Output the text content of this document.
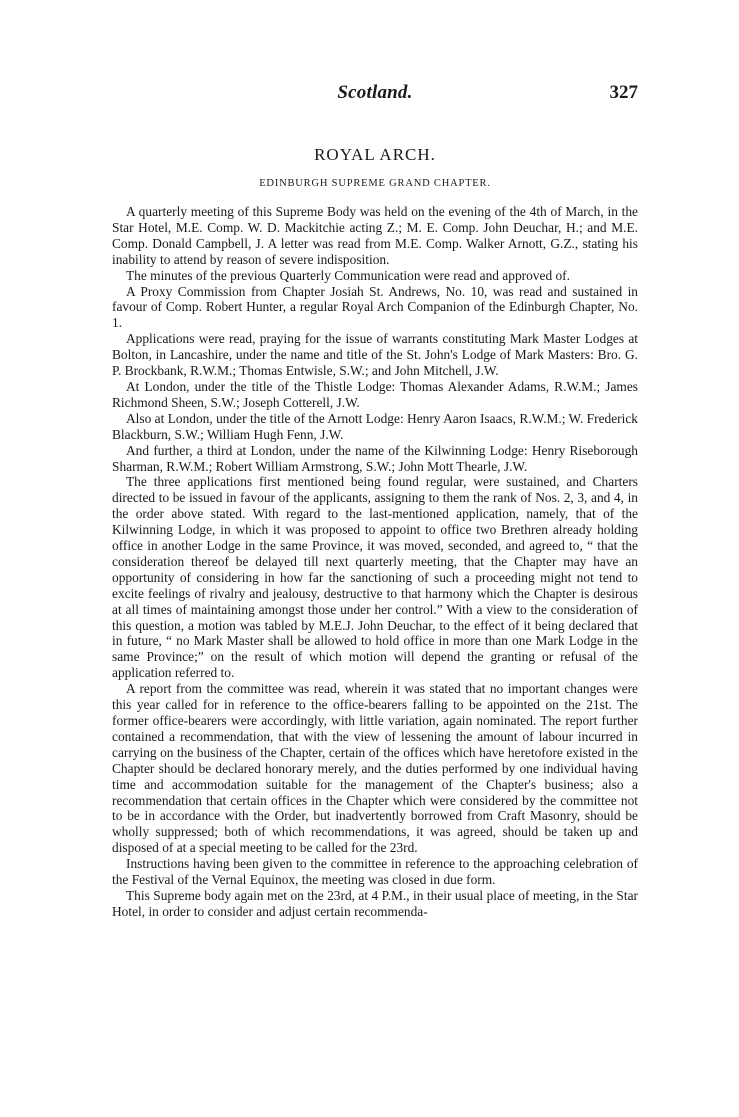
Scotland.	327
ROYAL ARCH.
EDINBURGH SUPREME GRAND CHAPTER.

A quarterly meeting of this Supreme Body was held on the evening of the 4th of March, in the Star Hotel, M.E. Comp. W. D. Mackitchie acting Z.; M. E. Comp. John Deuchar, H.; and M.E. Comp. Donald Campbell, J. A letter was read from M.E. Comp. Walker Arnott, G.Z., stating his inability to attend by reason of severe indisposition.

The minutes of the previous Quarterly Communication were read and approved of.

A Proxy Commission from Chapter Josiah St. Andrews, No. 10, was read and sustained in favour of Comp. Robert Hunter, a regular Royal Arch Companion of the Edinburgh Chapter, No. 1.

Applications were read, praying for the issue of warrants constituting Mark Master Lodges at Bolton, in Lancashire, under the name and title of the St. John's Lodge of Mark Masters: Bro. G. P. Brockbank, R.W.M.; Thomas Entwisle, S.W.; and John Mitchell, J.W.

At London, under the title of the Thistle Lodge: Thomas Alexander Adams, R.W.M.; James Richmond Sheen, S.W.; Joseph Cotterell, J.W.

Also at London, under the title of the Arnott Lodge: Henry Aaron Isaacs, R.W.M.; W. Frederick Blackburn, S.W.; William Hugh Fenn, J.W.

And further, a third at London, under the name of the Kilwinning Lodge: Henry Riseborough Sharman, R.W.M.; Robert William Armstrong, S.W.; John Mott Thearle, J.W.

The three applications first mentioned being found regular, were sustained, and Charters directed to be issued in favour of the applicants, assigning to them the rank of Nos. 2, 3, and 4, in the order above stated. With regard to the last-mentioned application, namely, that of the Kilwinning Lodge, in which it was proposed to appoint to office two Brethren already holding office in another Lodge in the same Province, it was moved, seconded, and agreed to, “ that the consideration thereof be delayed till next quarterly meeting, that the Chapter may have an opportunity of considering in how far the sanctioning of such a proceeding might not tend to excite feelings of rivalry and jealousy, destructive to that harmony which the Chapter is desirous at all times of maintaining amongst those under her control.” With a view to the consideration of this question, a motion was tabled by M.E.J. John Deuchar, to the effect of it being declared that in future, “ no Mark Master shall be allowed to hold office in more than one Mark Lodge in the same Province;” on the result of which motion will depend the granting or refusal of the application referred to.

A report from the committee was read, wherein it was stated that no important changes were this year called for in reference to the office-bearers falling to be appointed on the 21st. The former office-bearers were accordingly, with little variation, again nominated. The report further contained a recommendation, that with the view of lessening the amount of labour incurred in carrying on the business of the Chapter, certain of the offices which have heretofore existed in the Chapter should be declared honorary merely, and the duties performed by one individual having time and accommodation suitable for the management of the Chapter's business; also a recommendation that certain offices in the Chapter which were considered by the committee not to be in accordance with the Order, but inadvertently borrowed from Craft Masonry, should be wholly suppressed; both of which recommendations, it was agreed, should be taken up and disposed of at a special meeting to be called for the 23rd.

Instructions having been given to the committee in reference to the approaching celebration of the Festival of the Vernal Equinox, the meeting was closed in due form.

This Supreme body again met on the 23rd, at 4 P.M., in their usual place of meeting, in the Star Hotel, in order to consider and adjust certain recommenda-
